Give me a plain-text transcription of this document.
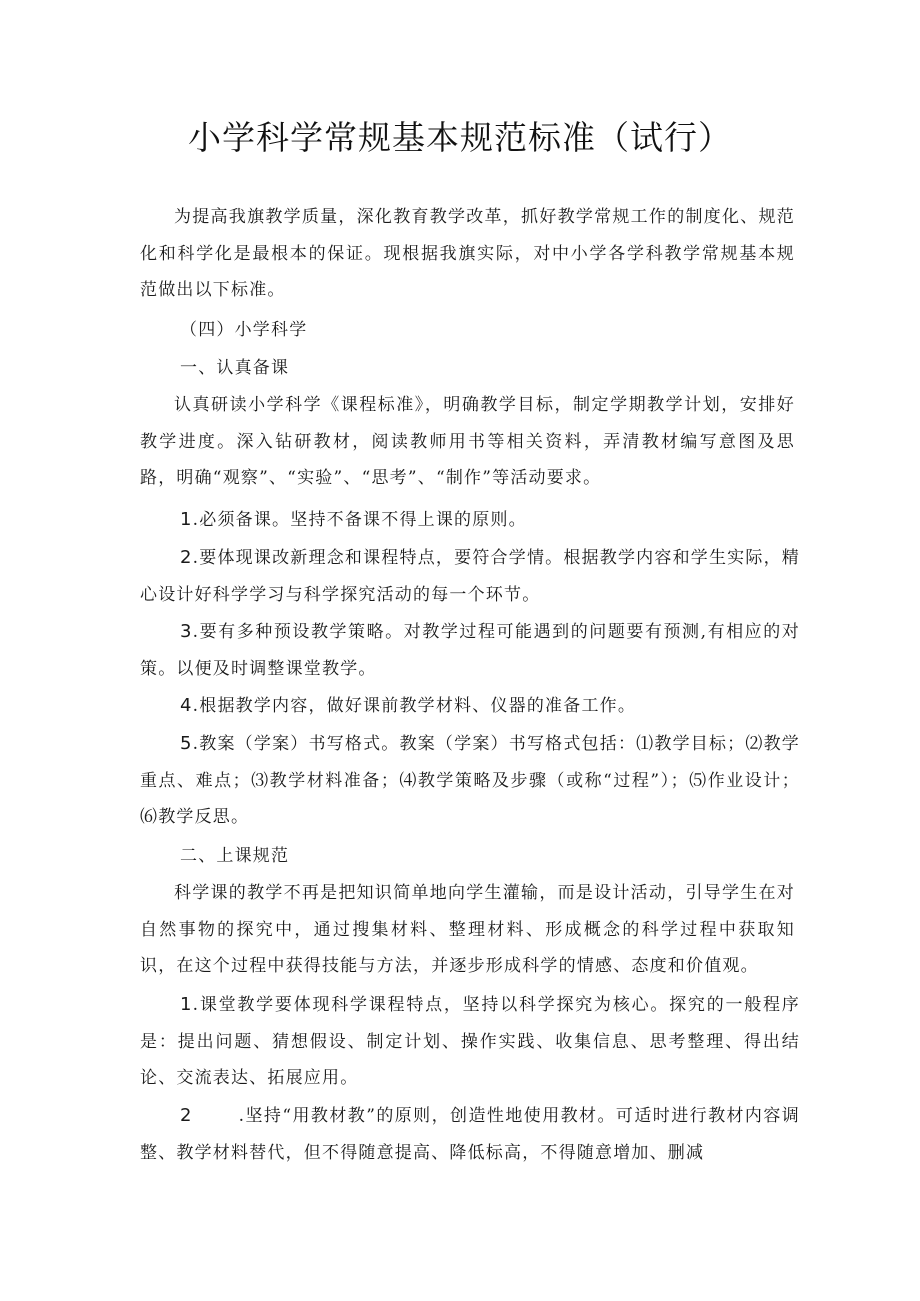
小学科学常规基本规范标准（试行）

为提高我旗教学质量，深化教育教学改革，抓好教学常规工作的制度化、规范化和科学化是最根本的保证。现根据我旗实际，对中小学各学科教学常规基本规范做出以下标准。

（四）小学科学

一、认真备课

认真研读小学科学《课程标准》，明确教学目标，制定学期教学计划，安排好教学进度。深入钻研教材，阅读教师用书等相关资料，弄清教材编写意图及思路，明确“观察”、“实验”、“思考”、“制作”等活动要求。

1.必须备课。坚持不备课不得上课的原则。

2.要体现课改新理念和课程特点，要符合学情。根据教学内容和学生实际，精心设计好科学学习与科学探究活动的每一个环节。

3.要有多种预设教学策略。对教学过程可能遇到的问题要有预测,有相应的对策。以便及时调整课堂教学。

4.根据教学内容，做好课前教学材料、仪器的准备工作。

5.教案（学案）书写格式。教案（学案）书写格式包括：⑴教学目标；⑵教学重点、难点；⑶教学材料准备；⑷教学策略及步骤（或称“过程”）；⑸作业设计；⑹教学反思。

二、上课规范

科学课的教学不再是把知识简单地向学生灌输，而是设计活动，引导学生在对自然事物的探究中，通过搜集材料、整理材料、形成概念的科学过程中获取知识，在这个过程中获得技能与方法，并逐步形成科学的情感、态度和价值观。

1.课堂教学要体现科学课程特点，坚持以科学探究为核心。探究的一般程序是：提出问题、猜想假设、制定计划、操作实践、收集信息、思考整理、得出结论、交流表达、拓展应用。

2	.坚持“用教材教”的原则，创造性地使用教材。可适时进行教材内容调整、教学材料替代，但不得随意提高、降低标高，不得随意增加、删减
